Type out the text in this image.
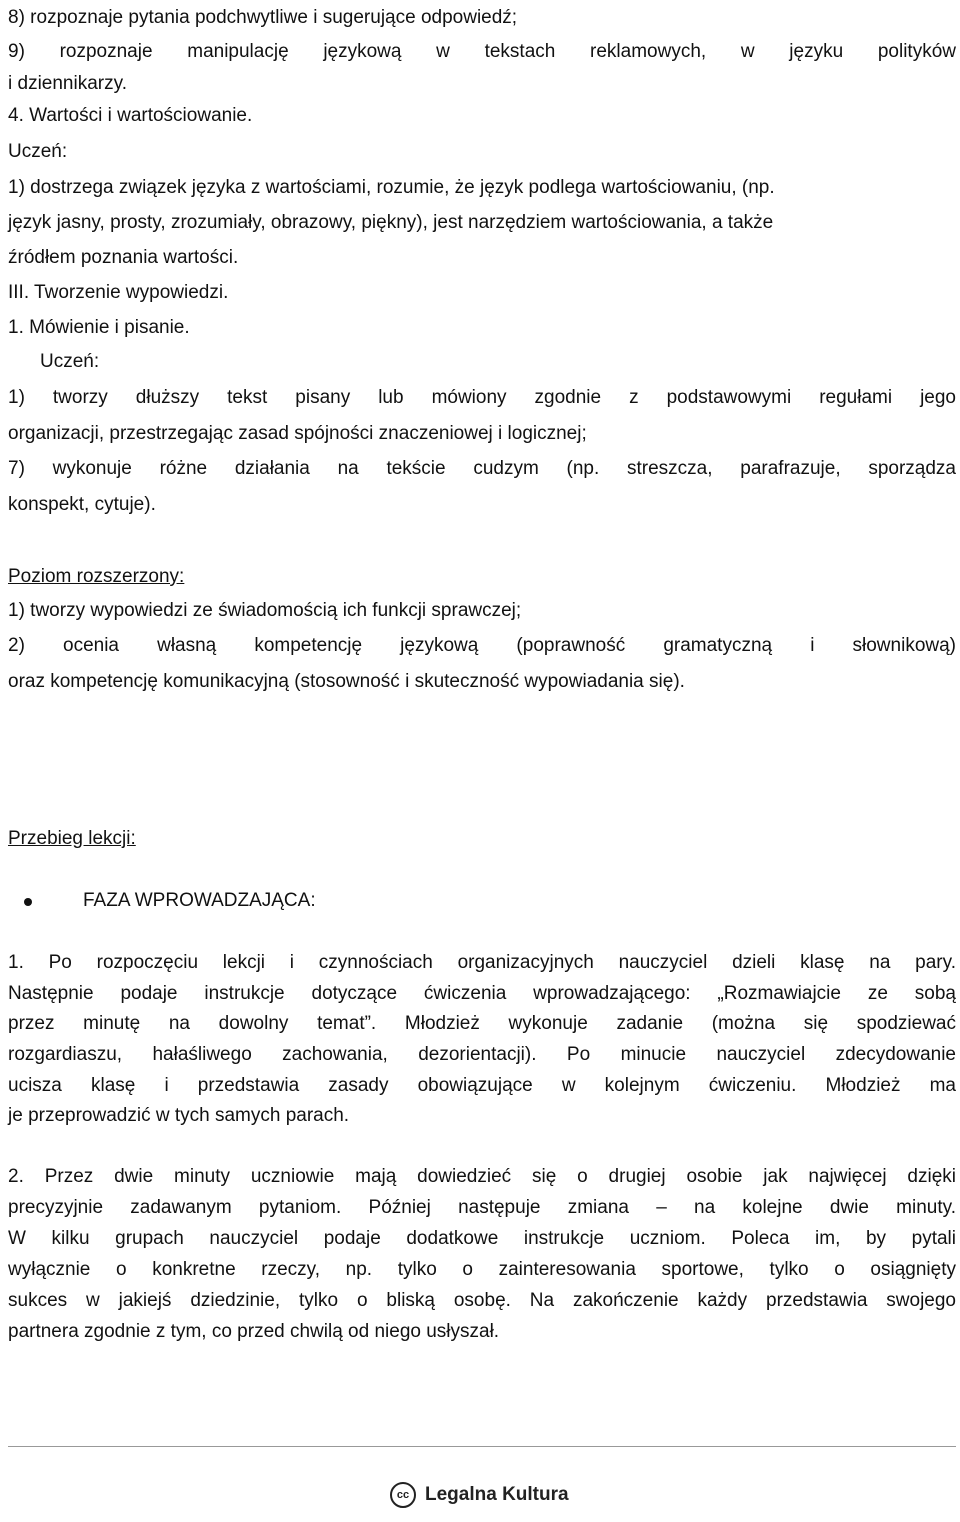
8) rozpoznaje pytania podchwytliwe i sugerujące odpowiedź;
9) rozpoznaje manipulację językową w tekstach reklamowych, w języku polityków
i dziennikarzy.
4. Wartości i wartościowanie.
Uczeń:
1) dostrzega związek języka z wartościami, rozumie, że język podlega wartościowaniu, (np.
język jasny, prosty, zrozumiały, obrazowy, piękny), jest narzędziem wartościowania, a także
źródłem poznania wartości.
III. Tworzenie wypowiedzi.
1. Mówienie i pisanie.
Uczeń:
1) tworzy dłuższy tekst pisany lub mówiony zgodnie z podstawowymi regułami jego
organizacji, przestrzegając zasad spójności znaczeniowej i logicznej;
7) wykonuje różne działania na tekście cudzym (np. streszcza, parafrazuje, sporządza
konspekt, cytuje).
Poziom rozszerzony:
1) tworzy wypowiedzi ze świadomością ich funkcji sprawczej;
2) ocenia własną kompetencję językową (poprawność gramatyczną i słownikową)
oraz kompetencję komunikacyjną (stosowność i skuteczność wypowiadania się).
Przebieg lekcji:
FAZA WPROWADZAJĄCA:
1. Po rozpoczęciu lekcji i czynnościach organizacyjnych nauczyciel dzieli klasę na pary.
Następnie podaje instrukcje dotyczące ćwiczenia wprowadzającego: „Rozmawiajcie ze sobą
przez minutę na dowolny temat”. Młodzież wykonuje zadanie (można się spodziewać
rozgardiaszu, hałaśliwego zachowania, dezorientacji). Po minucie nauczyciel zdecydowanie
ucisza klasę i przedstawia zasady obowiązujące w kolejnym ćwiczeniu. Młodzież ma
je przeprowadzić w tych samych parach.
2. Przez dwie minuty uczniowie mają dowiedzieć się o drugiej osobie jak najwięcej dzięki
precyzyjnie zadawanym pytaniom. Później następuje zmiana – na kolejne dwie minuty.
W kilku grupach nauczyciel podaje dodatkowe instrukcje uczniom. Poleca im, by pytali
wyłącznie o konkretne rzeczy, np. tylko o zainteresowania sportowe, tylko o osiągnięty
sukces w jakiejś dziedzinie, tylko o bliską osobę. Na zakończenie każdy przedstawia swojego
partnera zgodnie z tym, co przed chwilą od niego usłyszał.
cc Legalna Kultura
